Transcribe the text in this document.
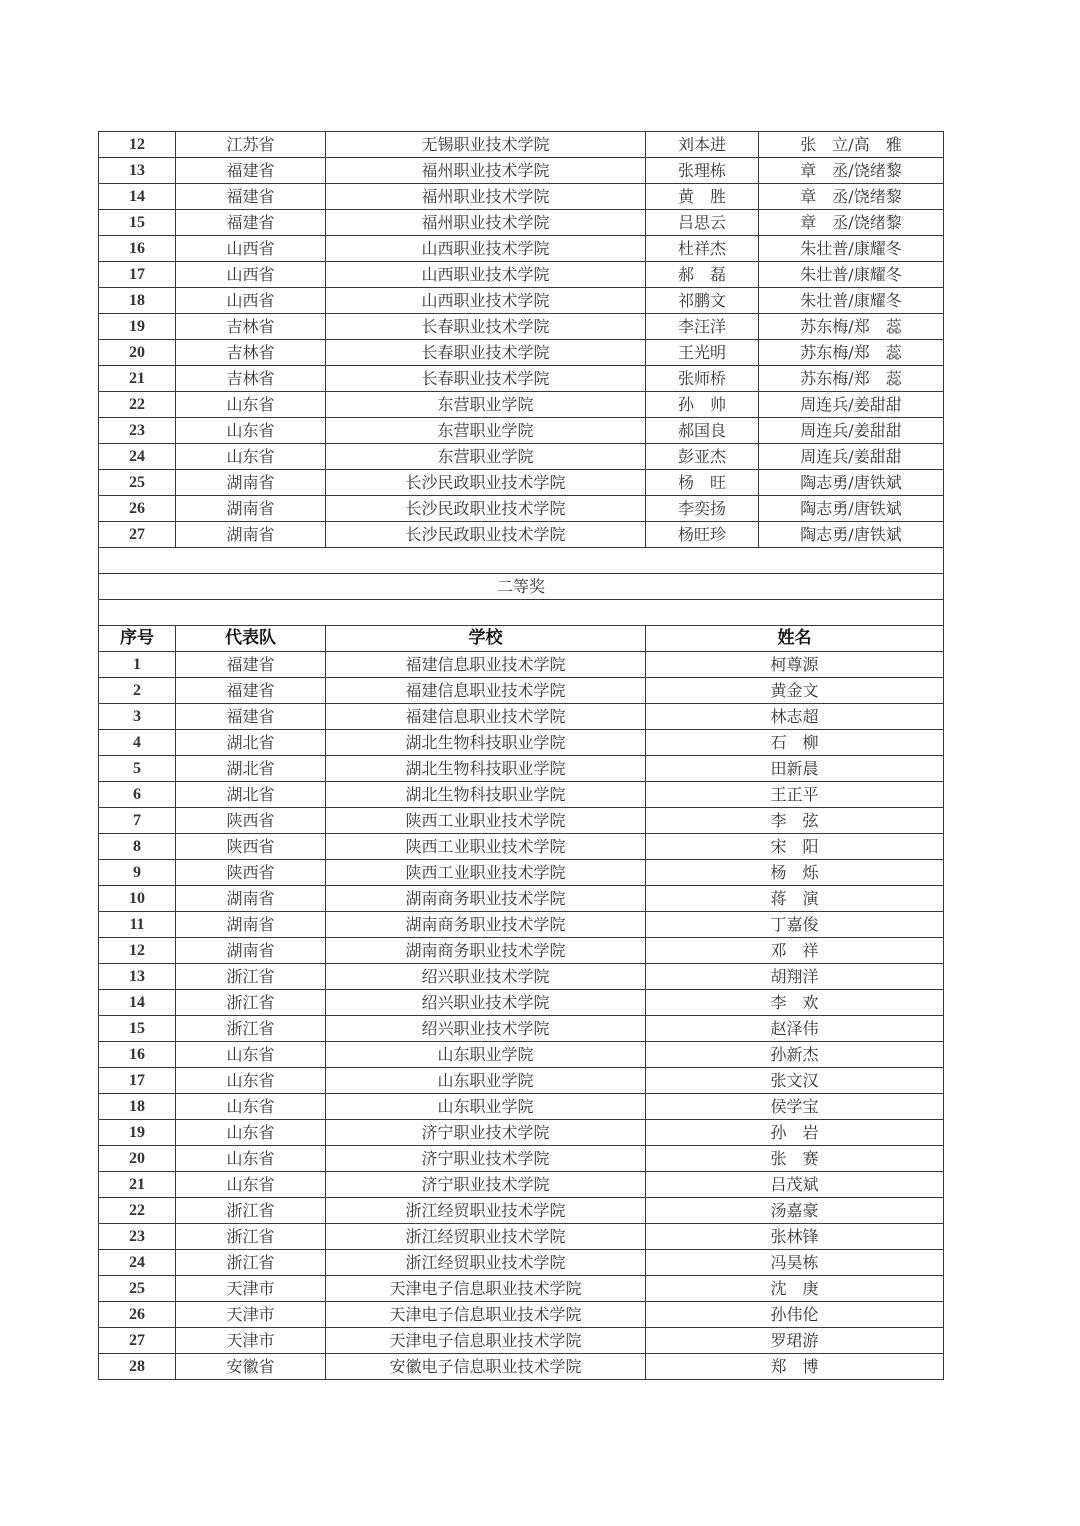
12	江苏省	无锡职业技术学院	刘本进	张　立/高　雅
13	福建省	福州职业技术学院	张理栋	章　丞/饶绪黎
14	福建省	福州职业技术学院	黄　胜	章　丞/饶绪黎
15	福建省	福州职业技术学院	吕思云	章　丞/饶绪黎
16	山西省	山西职业技术学院	杜祥杰	朱壮普/康耀冬
17	山西省	山西职业技术学院	郝　磊	朱壮普/康耀冬
18	山西省	山西职业技术学院	祁鹏文	朱壮普/康耀冬
19	吉林省	长春职业技术学院	李汪洋	苏东梅/郑　蕊
20	吉林省	长春职业技术学院	王光明	苏东梅/郑　蕊
21	吉林省	长春职业技术学院	张师桥	苏东梅/郑　蕊
22	山东省	东营职业学院	孙　帅	周连兵/姜甜甜
23	山东省	东营职业学院	郝国良	周连兵/姜甜甜
24	山东省	东营职业学院	彭亚杰	周连兵/姜甜甜
25	湖南省	长沙民政职业技术学院	杨　旺	陶志勇/唐铁斌
26	湖南省	长沙民政职业技术学院	李奕扬	陶志勇/唐铁斌
27	湖南省	长沙民政职业技术学院	杨旺珍	陶志勇/唐铁斌

二等奖				

序号	代表队	学校	姓名	
1	福建省	福建信息职业技术学院	柯尊源	
2	福建省	福建信息职业技术学院	黄金文	
3	福建省	福建信息职业技术学院	林志超	
4	湖北省	湖北生物科技职业学院	石　柳	
5	湖北省	湖北生物科技职业学院	田新晨	
6	湖北省	湖北生物科技职业学院	王正平	
7	陕西省	陕西工业职业技术学院	李　弦	
8	陕西省	陕西工业职业技术学院	宋　阳	
9	陕西省	陕西工业职业技术学院	杨　烁	
10	湖南省	湖南商务职业技术学院	蒋　演	
11	湖南省	湖南商务职业技术学院	丁嘉俊	
12	湖南省	湖南商务职业技术学院	邓　祥	
13	浙江省	绍兴职业技术学院	胡翔洋	
14	浙江省	绍兴职业技术学院	李　欢	
15	浙江省	绍兴职业技术学院	赵泽伟	
16	山东省	山东职业学院	孙新杰	
17	山东省	山东职业学院	张文汉	
18	山东省	山东职业学院	侯学宝	
19	山东省	济宁职业技术学院	孙　岩	
20	山东省	济宁职业技术学院	张　赛	
21	山东省	济宁职业技术学院	吕茂斌	
22	浙江省	浙江经贸职业技术学院	汤嘉豪	
23	浙江省	浙江经贸职业技术学院	张林锋	
24	浙江省	浙江经贸职业技术学院	冯昊栋	
25	天津市	天津电子信息职业技术学院	沈　庚	
26	天津市	天津电子信息职业技术学院	孙伟伦	
27	天津市	天津电子信息职业技术学院	罗珺游	
28	安徽省	安徽电子信息职业技术学院	郑　博	
